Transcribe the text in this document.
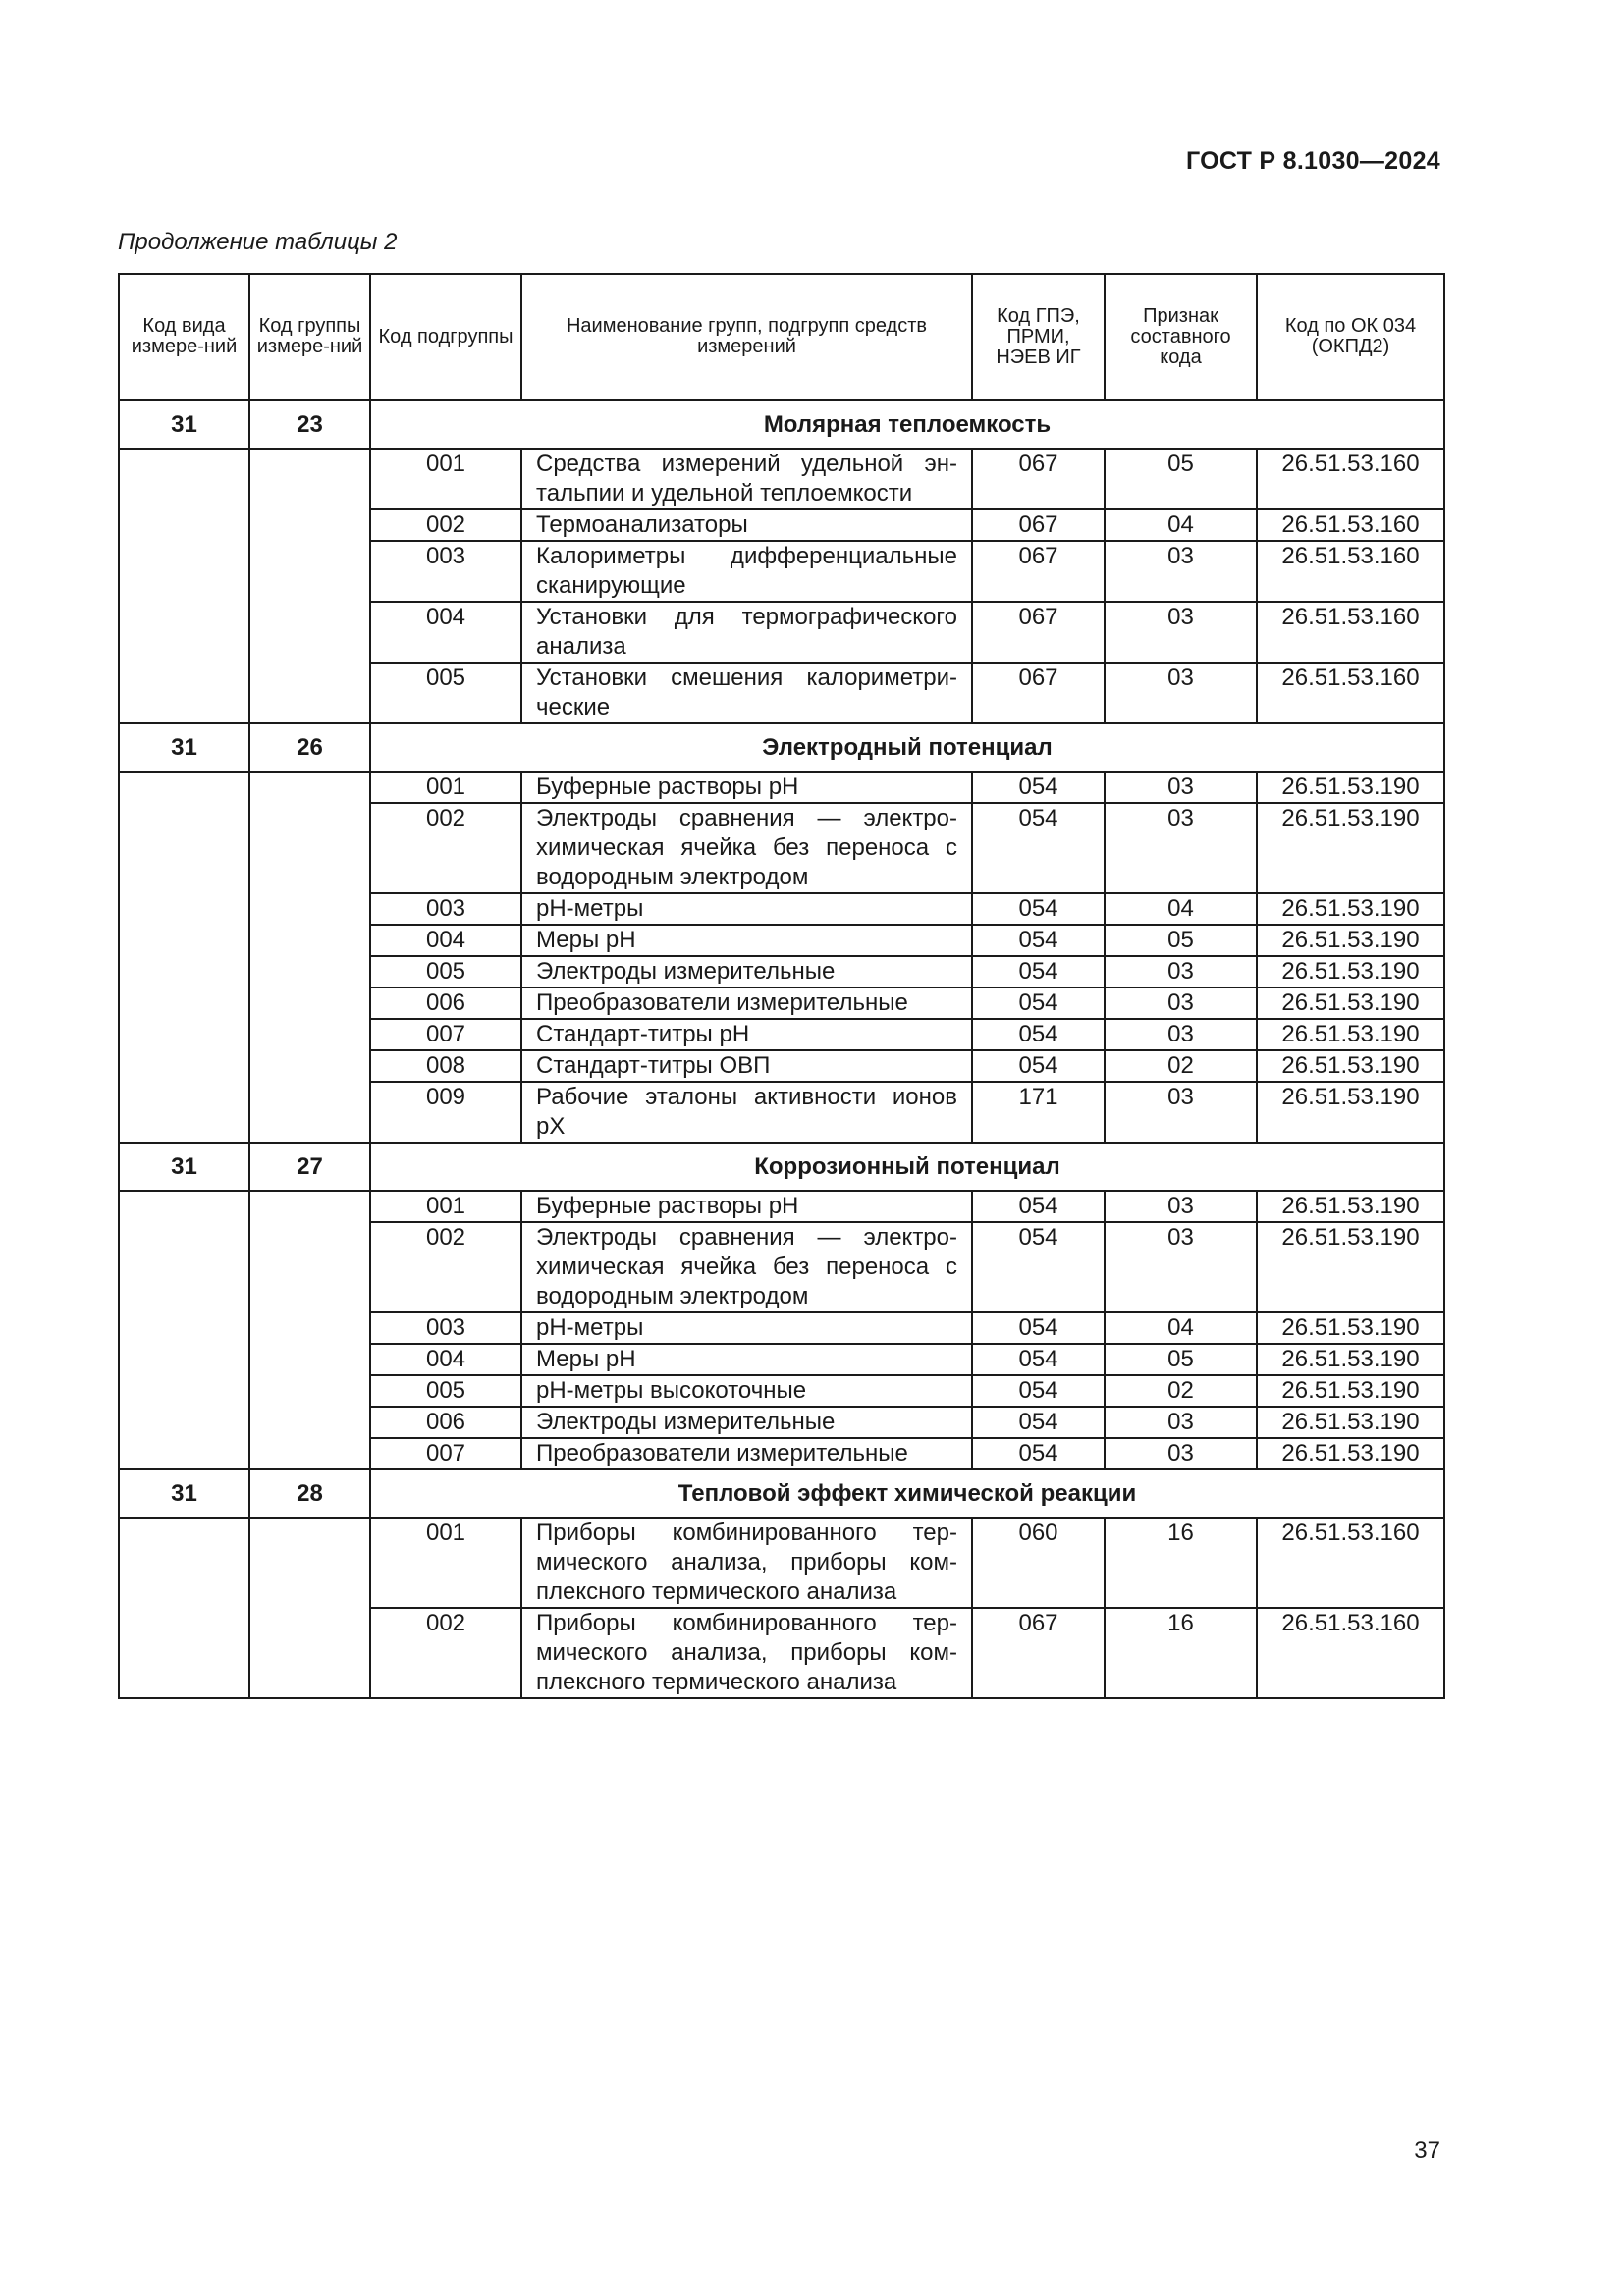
ГОСТ Р 8.1030—2024
Продолжение таблицы 2
Код вида измере-ний	Код группы измере-ний	Код подгруппы	Наименование групп, подгрупп средств измерений	Код ГПЭ, ПРМИ, НЭЕВ ИГ	Признак составного кода	Код по ОК 034 (ОКПД2)
31	23	Молярная теплоемкость				
		001	Средства измерений удельной эн-тальпии и удельной теплоемкости	067	05	26.51.53.160
		002	Термоанализаторы	067	04	26.51.53.160
		003	Калориметры дифференциальные сканирующие	067	03	26.51.53.160
		004	Установки для термографического анализа	067	03	26.51.53.160
		005	Установки смешения калориметри-ческие	067	03	26.51.53.160
31	26	Электродный потенциал				
		001	Буферные растворы pH	054	03	26.51.53.190
		002	Электроды сравнения — электро-химическая ячейка без переноса с водородным электродом	054	03	26.51.53.190
		003	pH-метры	054	04	26.51.53.190
		004	Меры pH	054	05	26.51.53.190
		005	Электроды измерительные	054	03	26.51.53.190
		006	Преобразователи измерительные	054	03	26.51.53.190
		007	Стандарт-титры pH	054	03	26.51.53.190
		008	Стандарт-титры ОВП	054	02	26.51.53.190
		009	Рабочие эталоны активности ионов pX	171	03	26.51.53.190
31	27	Коррозионный потенциал				
		001	Буферные растворы pH	054	03	26.51.53.190
		002	Электроды сравнения — электро-химическая ячейка без переноса с водородным электродом	054	03	26.51.53.190
		003	pH-метры	054	04	26.51.53.190
		004	Меры pH	054	05	26.51.53.190
		005	pH-метры высокоточные	054	02	26.51.53.190
		006	Электроды измерительные	054	03	26.51.53.190
		007	Преобразователи измерительные	054	03	26.51.53.190
31	28	Тепловой эффект химической реакции				
		001	Приборы комбинированного тер-мического анализа, приборы ком-плексного термического анализа	060	16	26.51.53.160
		002	Приборы комбинированного тер-мического анализа, приборы ком-плексного термического анализа	067	16	26.51.53.160
37
